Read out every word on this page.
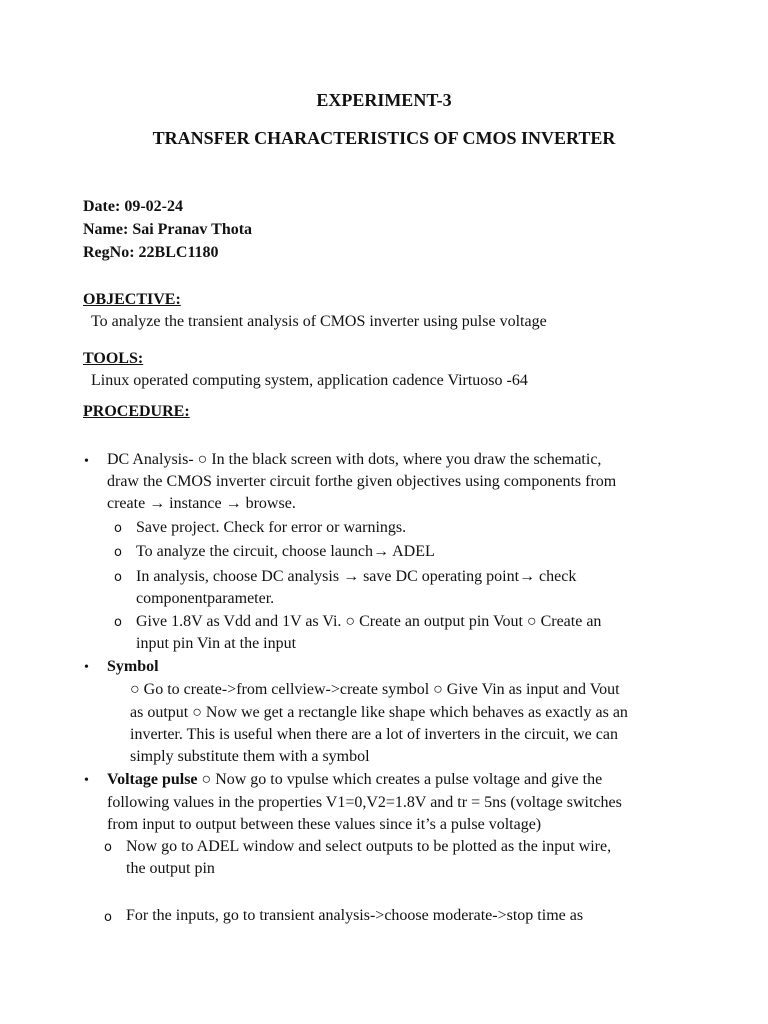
EXPERIMENT-3
TRANSFER CHARACTERISTICS OF CMOS INVERTER
Date: 09-02-24
Name: Sai Pranav Thota
RegNo: 22BLC1180
OBJECTIVE:
To analyze the transient analysis of CMOS inverter using pulse voltage
TOOLS:
Linux operated computing system, application cadence Virtuoso -64
PROCEDURE:
• DC Analysis- ○ In the black screen with dots, where you draw the schematic,
draw the CMOS inverter circuit forthe given objectives using components from
create → instance → browse.
o Save project. Check for error or warnings.
o To analyze the circuit, choose launch→ ADEL
o In analysis, choose DC analysis → save DC operating point→ check
componentparameter.
o Give 1.8V as Vdd and 1V as Vi. ○ Create an output pin Vout ○ Create an
input pin Vin at the input
• Symbol
○ Go to create->from cellview->create symbol ○ Give Vin as input and Vout
as output ○ Now we get a rectangle like shape which behaves as exactly as an
inverter. This is useful when there are a lot of inverters in the circuit, we can
simply substitute them with a symbol
• Voltage pulse ○ Now go to vpulse which creates a pulse voltage and give the
following values in the properties V1=0,V2=1.8V and tr = 5ns (voltage switches
from input to output between these values since it’s a pulse voltage)
o Now go to ADEL window and select outputs to be plotted as the input wire,
the output pin
o For the inputs, go to transient analysis->choose moderate->stop time as
